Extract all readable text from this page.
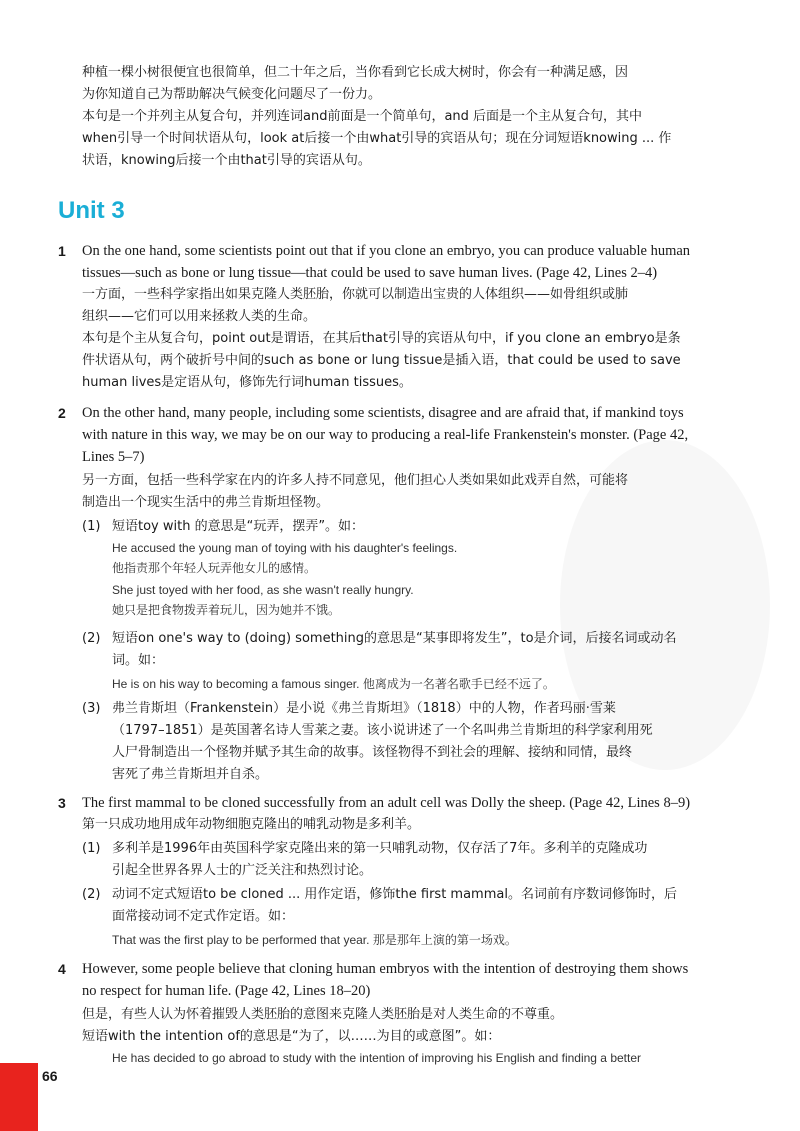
种植一棵小树很便宜也很简单，但二十年之后，当你看到它长成大树时，你会有一种满足感，因

为你知道自己为帮助解决气候变化问题尽了一份力。

本句是一个并列主从复合句，并列连词and前面是一个简单句，and 后面是一个主从复合句，其中

when引导一个时间状语从句，look at后接一个由what引导的宾语从句；现在分词短语knowing ... 作

状语，knowing后接一个由that引导的宾语从句。

Unit 3
1	On the one hand, some scientists point out that if you clone an embryo, you can produce valuable human

tissues—such as bone or lung tissue—that could be used to save human lives. (Page 42, Lines 2–4)

一方面，一些科学家指出如果克隆人类胚胎，你就可以制造出宝贵的人体组织——如骨组织或肺

组织——它们可以用来拯救人类的生命。

本句是个主从复合句，point out是谓语，在其后that引导的宾语从句中，if you clone an embryo是条

件状语从句，两个破折号中间的such as bone or lung tissue是插入语，that could be used to save

human lives是定语从句，修饰先行词human tissues。

2	On the other hand, many people, including some scientists, disagree and are afraid that, if mankind toys

with nature in this way, we may be on our way to producing a real-life Frankenstein's monster. (Page 42,

Lines 5–7)

另一方面，包括一些科学家在内的许多人持不同意见，他们担心人类如果如此戏弄自然，可能将

制造出一个现实生活中的弗兰肯斯坦怪物。

(1) 短语toy with 的意思是“玩弄，摆弄”。如：

He accused the young man of toying with his daughter's feelings.

他指责那个年轻人玩弄他女儿的感情。

She just toyed with her food, as she wasn't really hungry.

她只是把食物拨弄着玩儿，因为她并不饿。

(2) 短语on one's way to (doing) something的意思是“某事即将发生”，to是介词，后接名词或动名

词。如：

He is on his way to becoming a famous singer. 他离成为一名著名歌手已经不远了。

(3) 弗兰肯斯坦（Frankenstein）是小说《弗兰肯斯坦》（1818）中的人物，作者玛丽·雪莱

（1797–1851）是英国著名诗人雪莱之妻。该小说讲述了一个名叫弗兰肯斯坦的科学家利用死

人尸骨制造出一个怪物并赋予其生命的故事。该怪物得不到社会的理解、接纳和同情，最终

害死了弗兰肯斯坦并自杀。

3	The first mammal to be cloned successfully from an adult cell was Dolly the sheep. (Page 42, Lines 8–9)

第一只成功地用成年动物细胞克隆出的哺乳动物是多利羊。

(1) 多利羊是1996年由英国科学家克隆出来的第一只哺乳动物，仅存活了7年。多利羊的克隆成功

引起全世界各界人士的广泛关注和热烈讨论。

(2) 动词不定式短语to be cloned ... 用作定语，修饰the first mammal。名词前有序数词修饰时，后

面常接动词不定式作定语。如：

That was the first play to be performed that year. 那是那年上演的第一场戏。

4	However, some people believe that cloning human embryos with the intention of destroying them shows

no respect for human life. (Page 42, Lines 18–20)

但是，有些人认为怀着摧毁人类胚胎的意图来克隆人类胚胎是对人类生命的不尊重。

短语with the intention of的意思是“为了，以……为目的或意图”。如：

He has decided to go abroad to study with the intention of improving his English and finding a better

66
